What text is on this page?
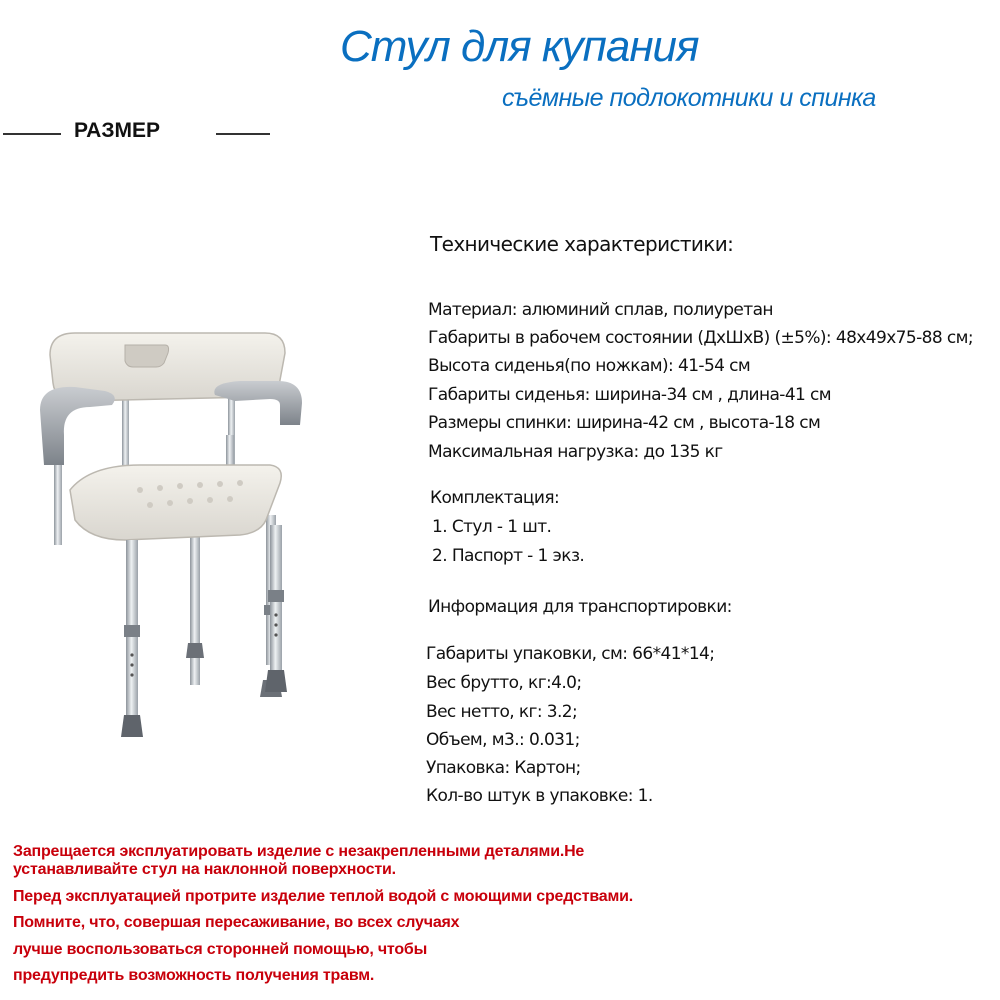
Стул для купания
съёмные подлокотники и спинка
РАЗМЕР
Технические характеристики:
Материал: алюминий сплав, полиуретан
Габариты в рабочем состоянии (ДхШхВ) (±5%): 48х49х75-88 см;
Высота сиденья(по ножкам): 41-54 см
Габариты сиденья: ширина-34 см , длина-41 см
Размеры спинки: ширина-42 см , высота-18 см
Максимальная нагрузка: до 135 кг
Комплектация:
1. Стул - 1 шт.
2. Паспорт - 1 экз.
Информация для транспортировки:
Габариты упаковки, см: 66*41*14;
Вес брутто, кг:4.0;
Вес нетто, кг: 3.2;
Объем, м3.: 0.031;
Упаковка: Картон;
Кол-во штук в упаковке: 1.
Запрещается эксплуатировать изделие с незакрепленными деталями.Не
устанавливайте стул на наклонной поверхности.
Перед эксплуатацией протрите изделие теплой водой с моющими средствами.
Помните, что, совершая пересаживание, во всех случаях
лучше воспользоваться сторонней помощью, чтобы
предупредить возможность получения травм.
